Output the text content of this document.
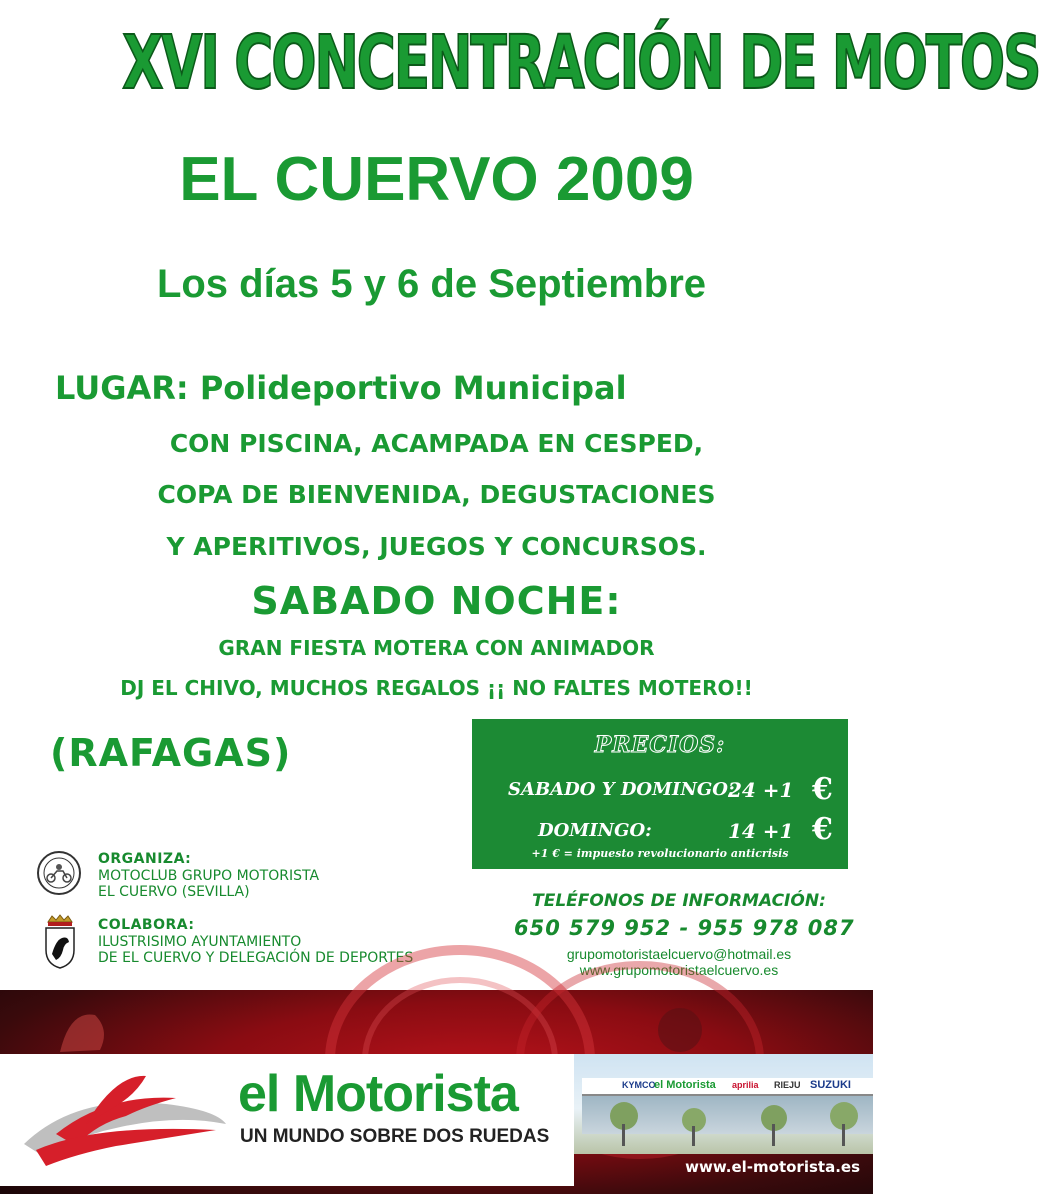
XVI CONCENTRACIÓN DE MOTOS
EL CUERVO 2009
Los días 5 y 6 de Septiembre
LUGAR: Polideportivo Municipal
CON PISCINA, ACAMPADA EN CESPED,
COPA DE BIENVENIDA, DEGUSTACIONES
Y APERITIVOS, JUEGOS Y CONCURSOS.
SABADO NOCHE:
GRAN FIESTA MOTERA CON ANIMADOR
DJ EL CHIVO, MUCHOS REGALOS ¡¡ NO FALTES MOTERO!!
(RAFAGAS)	PRECIOS:
SABADO Y DOMINGO:
24 +1 €
DOMINGO:	14 +1 €
+1 € = impuesto revolucionario anticrisis
ORGANIZA:
MOTOCLUB GRUPO MOTORISTA
EL CUERVO (SEVILLA)
COLABORA:
ILUSTRISIMO AYUNTAMIENTO
DE EL CUERVO Y DELEGACIÓN DE DEPORTES
TELÉFONOS DE INFORMACIÓN:
650 579 952 - 955 978 087
grupomotoristaelcuervo@hotmail.es
www.grupomotoristaelcuervo.es
el Motorista
UN MUNDO SOBRE DOS RUEDAS
KYMCO
el Motorista aprilia RIEJU SUZUKI
www.el-motorista.es
